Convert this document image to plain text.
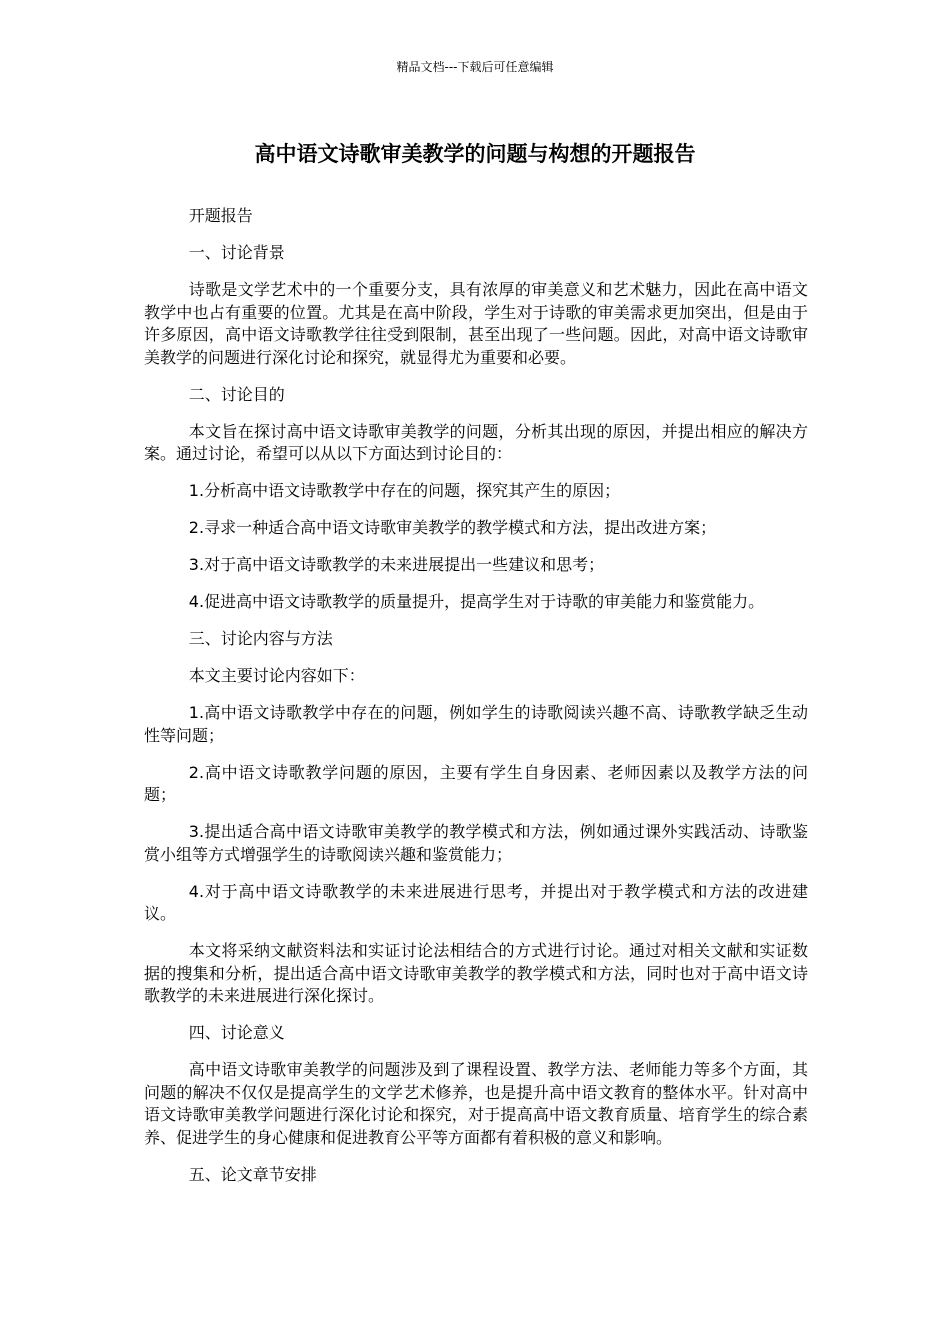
精品文档---下载后可任意编辑
高中语文诗歌审美教学的问题与构想的开题报告

开题报告

一、讨论背景

诗歌是文学艺术中的一个重要分支，具有浓厚的审美意义和艺术魅力，因此在高中语文教学中也占有重要的位置。尤其是在高中阶段，学生对于诗歌的审美需求更加突出，但是由于许多原因，高中语文诗歌教学往往受到限制，甚至出现了一些问题。因此，对高中语文诗歌审美教学的问题进行深化讨论和探究，就显得尤为重要和必要。

二、讨论目的

本文旨在探讨高中语文诗歌审美教学的问题，分析其出现的原因，并提出相应的解决方案。通过讨论，希望可以从以下方面达到讨论目的：

1.分析高中语文诗歌教学中存在的问题，探究其产生的原因；

2.寻求一种适合高中语文诗歌审美教学的教学模式和方法，提出改进方案；

3.对于高中语文诗歌教学的未来进展提出一些建议和思考；

4.促进高中语文诗歌教学的质量提升，提高学生对于诗歌的审美能力和鉴赏能力。

三、讨论内容与方法

本文主要讨论内容如下：

1.高中语文诗歌教学中存在的问题，例如学生的诗歌阅读兴趣不高、诗歌教学缺乏生动性等问题；

2.高中语文诗歌教学问题的原因，主要有学生自身因素、老师因素以及教学方法的问题；

3.提出适合高中语文诗歌审美教学的教学模式和方法，例如通过课外实践活动、诗歌鉴赏小组等方式增强学生的诗歌阅读兴趣和鉴赏能力；

4.对于高中语文诗歌教学的未来进展进行思考，并提出对于教学模式和方法的改进建议。

本文将采纳文献资料法和实证讨论法相结合的方式进行讨论。通过对相关文献和实证数据的搜集和分析，提出适合高中语文诗歌审美教学的教学模式和方法，同时也对于高中语文诗歌教学的未来进展进行深化探讨。

四、讨论意义

高中语文诗歌审美教学的问题涉及到了课程设置、教学方法、老师能力等多个方面，其问题的解决不仅仅是提高学生的文学艺术修养，也是提升高中语文教育的整体水平。针对高中语文诗歌审美教学问题进行深化讨论和探究，对于提高高中语文教育质量、培育学生的综合素养、促进学生的身心健康和促进教育公平等方面都有着积极的意义和影响。

五、论文章节安排
